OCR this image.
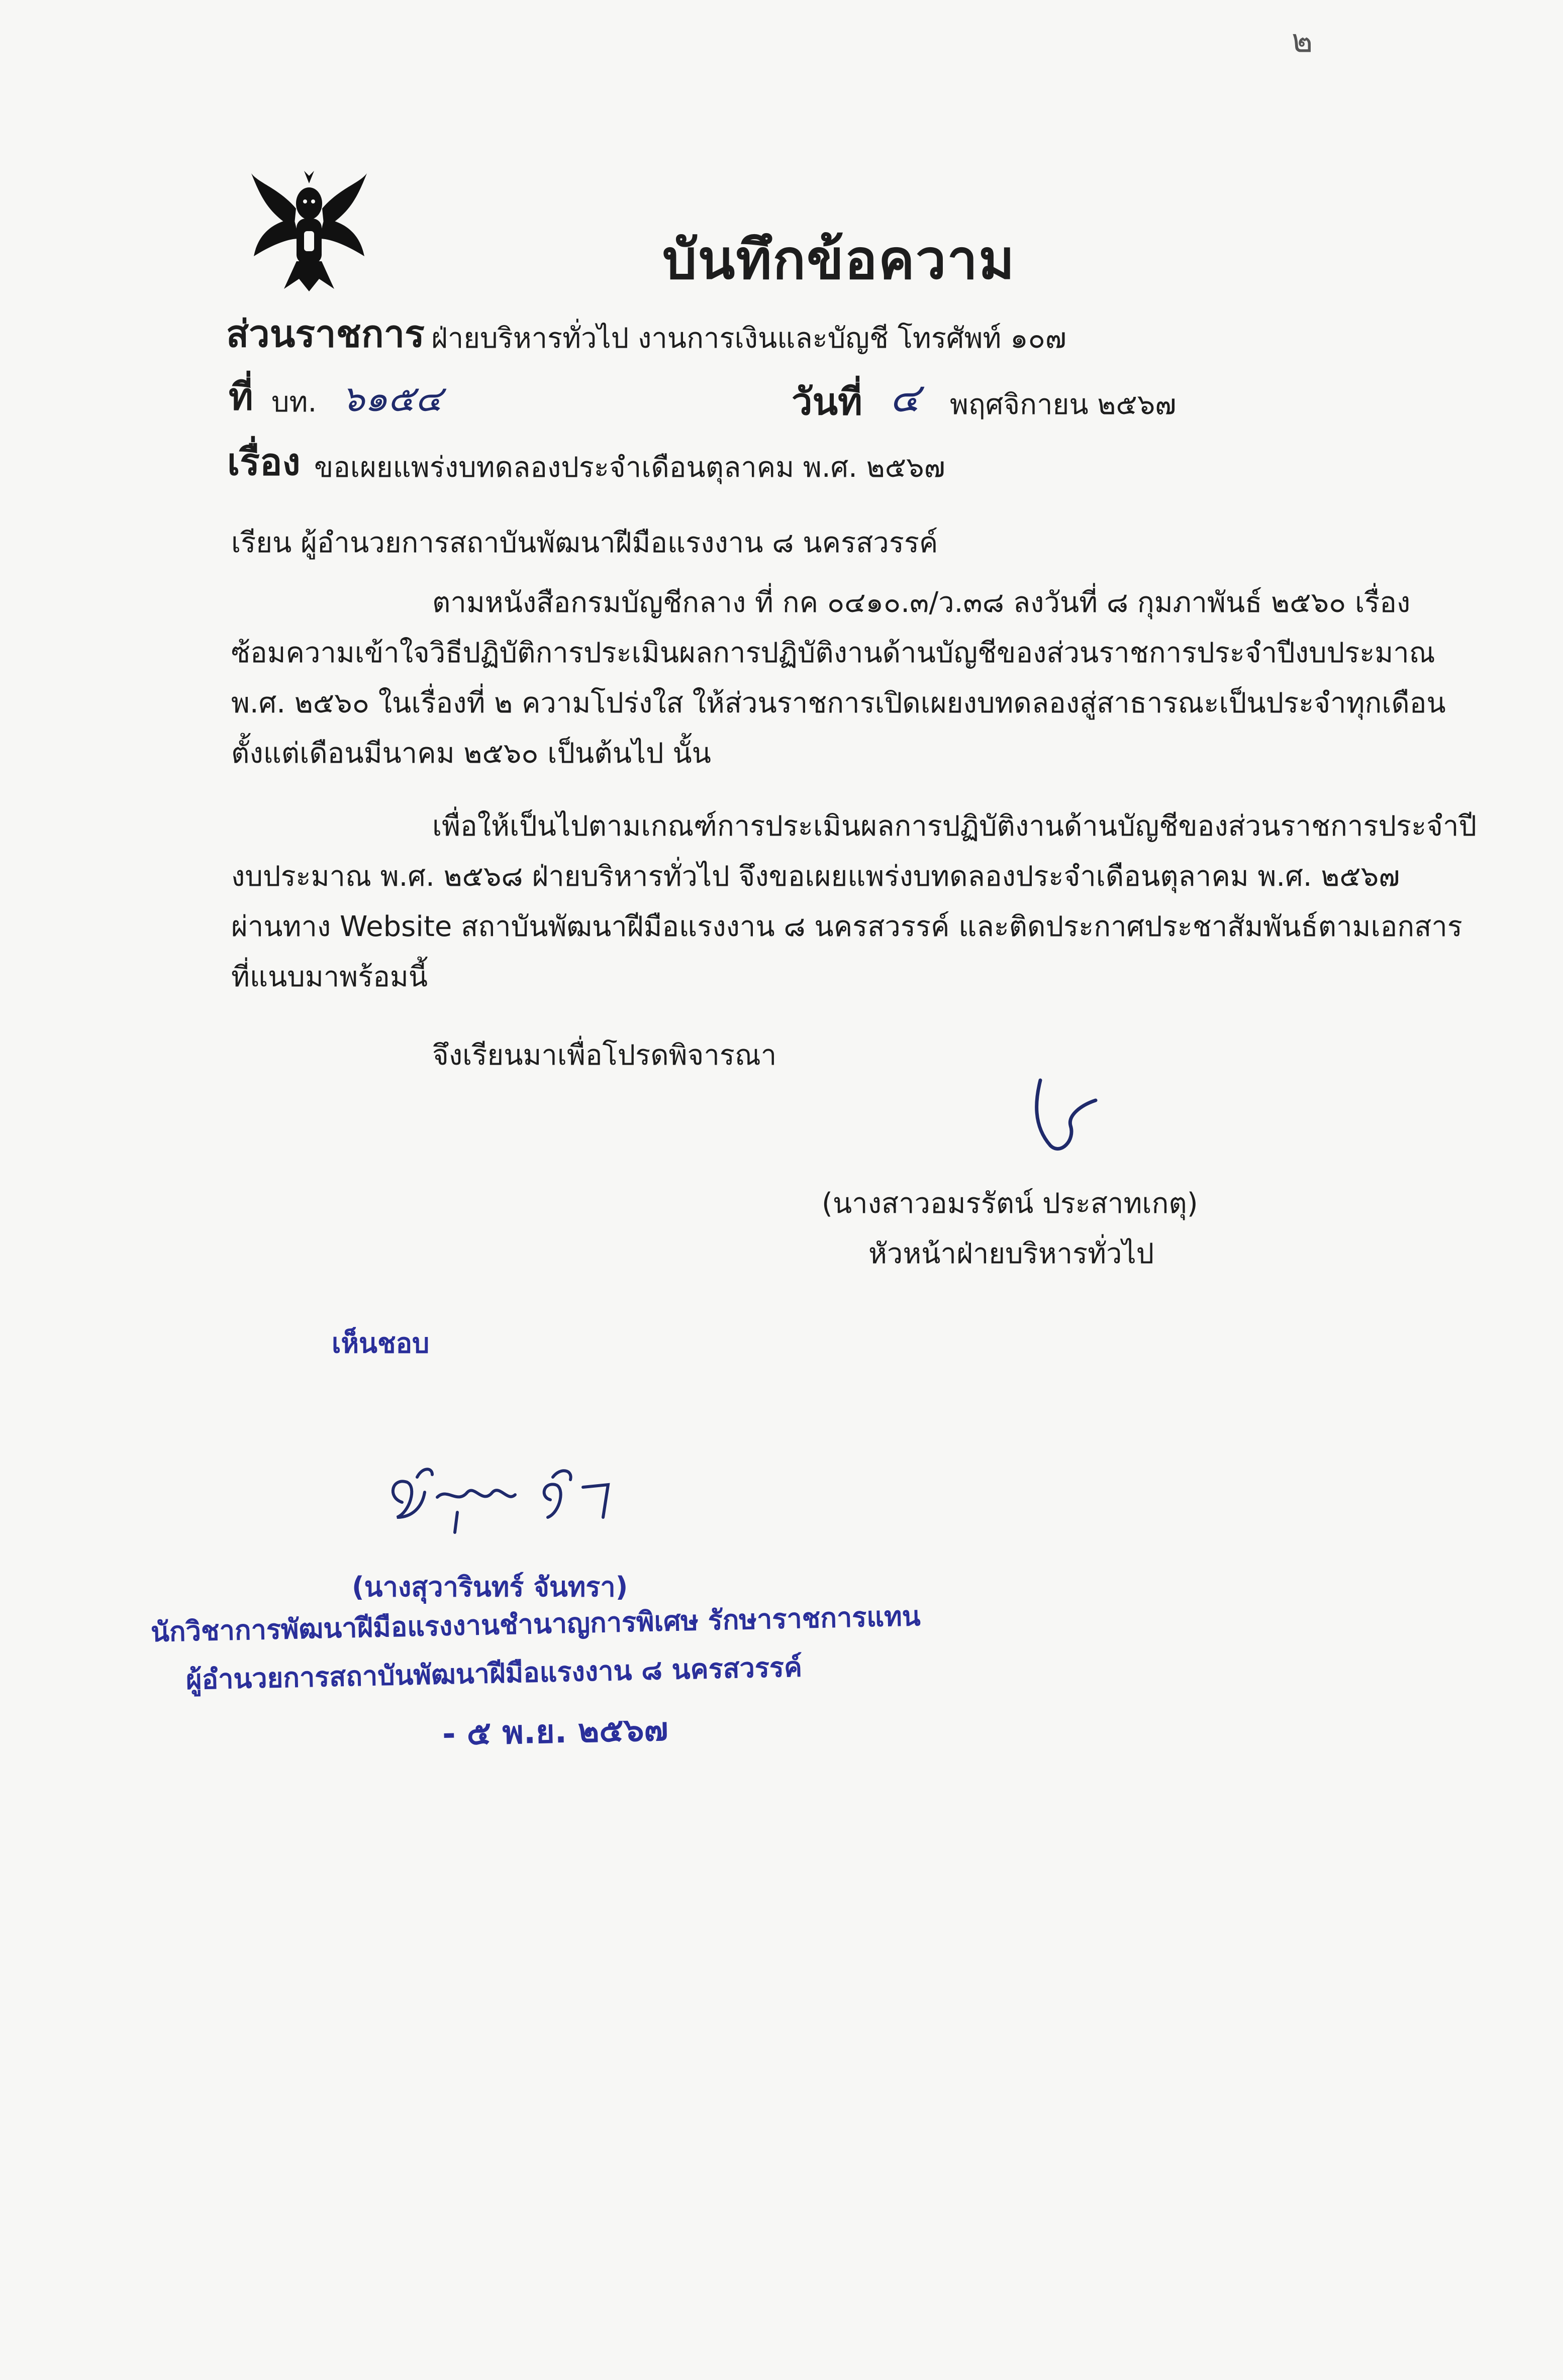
๒
บันทึกข้อความ
ส่วนราชการ ฝ่ายบริหารทั่วไป งานการเงินและบัญชี โทรศัพท์ ๑๐๗
ที่ บท. ๖๑๕๔	วันที่ ๔ พฤศจิกายน ๒๕๖๗
เรื่อง ขอเผยแพร่งบทดลองประจำเดือนตุลาคม พ.ศ. ๒๕๖๗
เรียน ผู้อำนวยการสถาบันพัฒนาฝีมือแรงงาน ๘ นครสวรรค์
ตามหนังสือกรมบัญชีกลาง ที่ กค ๐๔๑๐.๓/ว.๓๘ ลงวันที่ ๘ กุมภาพันธ์ ๒๕๖๐ เรื่อง
ซ้อมความเข้าใจวิธีปฏิบัติการประเมินผลการปฏิบัติงานด้านบัญชีของส่วนราชการประจำปีงบประมาณ
พ.ศ. ๒๕๖๐ ในเรื่องที่ ๒ ความโปร่งใส ให้ส่วนราชการเปิดเผยงบทดลองสู่สาธารณะเป็นประจำทุกเดือน
ตั้งแต่เดือนมีนาคม ๒๕๖๐ เป็นต้นไป นั้น
เพื่อให้เป็นไปตามเกณฑ์การประเมินผลการปฏิบัติงานด้านบัญชีของส่วนราชการประจำปี
งบประมาณ พ.ศ. ๒๕๖๘ ฝ่ายบริหารทั่วไป จึงขอเผยแพร่งบทดลองประจำเดือนตุลาคม พ.ศ. ๒๕๖๗
ผ่านทาง Website สถาบันพัฒนาฝีมือแรงงาน ๘ นครสวรรค์ และติดประกาศประชาสัมพันธ์ตามเอกสาร
ที่แนบมาพร้อมนี้
จึงเรียนมาเพื่อโปรดพิจารณา
(นางสาวอมรรัตน์ ประสาทเกตุ)
หัวหน้าฝ่ายบริหารทั่วไป
เห็นชอบ
(นางสุวารินทร์ จันทรา)
นักวิชาการพัฒนาฝีมือแรงงานชำนาญการพิเศษ รักษาราชการแทน
ผู้อำนวยการสถาบันพัฒนาฝีมือแรงงาน ๘ นครสวรรค์
- ๕ พ.ย. ๒๕๖๗
